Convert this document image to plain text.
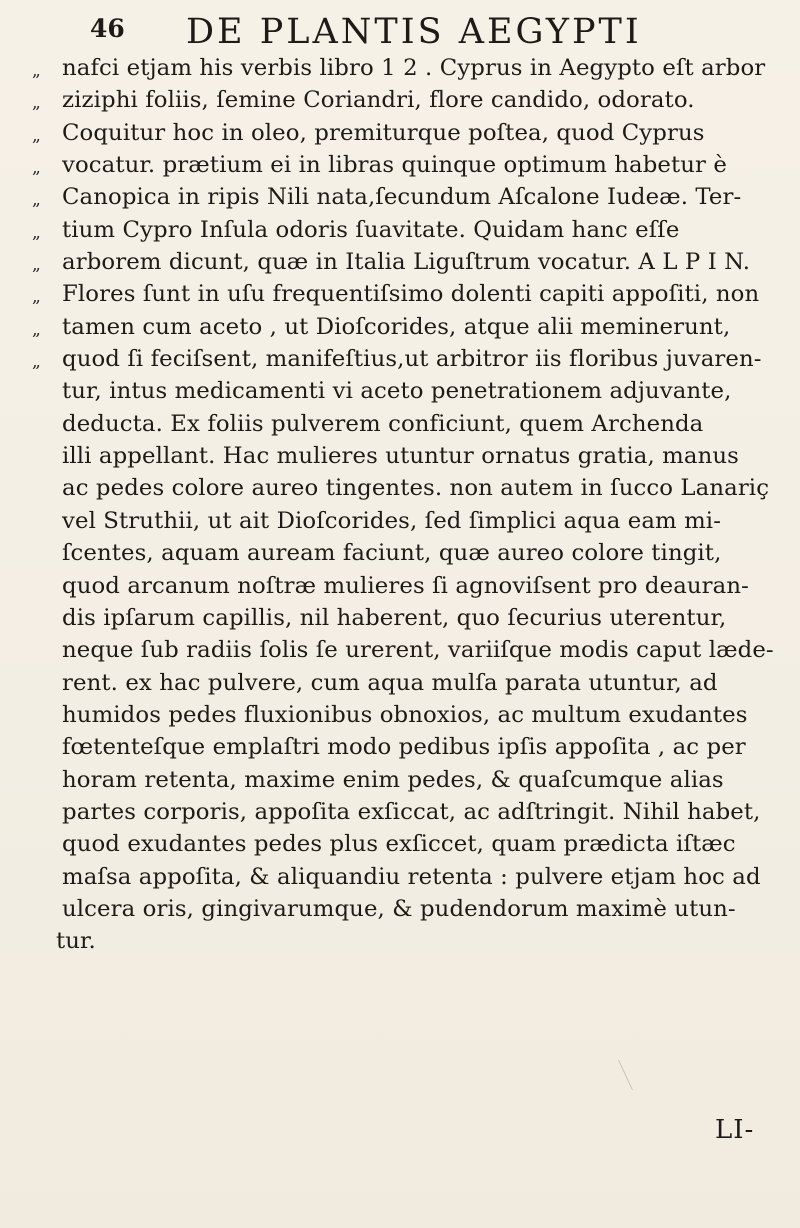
46 DE PLANTIS AEGYPTI
„ nafci etjam his verbis libro 1 2 . Cyprus in Aegypto eſt arbor
„ ziziphi foliis, ſemine Coriandri, flore candido, odorato.
„ Coquitur hoc in oleo, premiturque poſtea, quod Cyprus
„ vocatur. prætium ei in libras quinque optimum habetur è
„ Canopica in ripis Nili nata,ſecundum Aſcalone Iudeæ. Ter-
„ tium Cypro Inſula odoris ſuavitate. Quidam hanc eſſe
„ arborem dicunt, quæ in Italia Liguſtrum vocatur. A L P I N.
„ Flores ſunt in uſu frequentiſsimo dolenti capiti appoſiti, non
„ tamen cum aceto , ut Dioſcorides, atque alii meminerunt,
„ quod ſi feciſsent, manifeſtius,ut arbitror iis floribus juvaren-
tur, intus medicamenti vi aceto penetrationem adjuvante,
deducta. Ex foliis pulverem conficiunt, quem Archenda
illi appellant. Hac mulieres utuntur ornatus gratia, manus
ac pedes colore aureo tingentes. non autem in ſucco Lanariç
vel Struthii, ut ait Dioſcorides, ſed ſimplici aqua eam mi-
ſcentes, aquam auream faciunt, quæ aureo colore tingit,
quod arcanum noſtræ mulieres ſi agnoviſsent pro deauran-
dis ipſarum capillis, nil haberent, quo ſecurius uterentur,
neque ſub radiis ſolis ſe urerent, variiſque modis caput læde-
rent. ex hac pulvere, cum aqua mulſa parata utuntur, ad
humidos pedes fluxionibus obnoxios, ac multum exudantes
fœtenteſque emplaſtri modo pedibus ipſis appoſita , ac per
horam retenta, maxime enim pedes, & quaſcumque alias
partes corporis, appoſita exſiccat, ac adſtringit. Nihil habet,
quod exudantes pedes plus exſiccet, quam prædicta iſtæc
maſsa appoſita, & aliquandiu retenta : pulvere etjam hoc ad
ulcera oris, gingivarumque, & pudendorum maximè utun-
tur.
LI-
